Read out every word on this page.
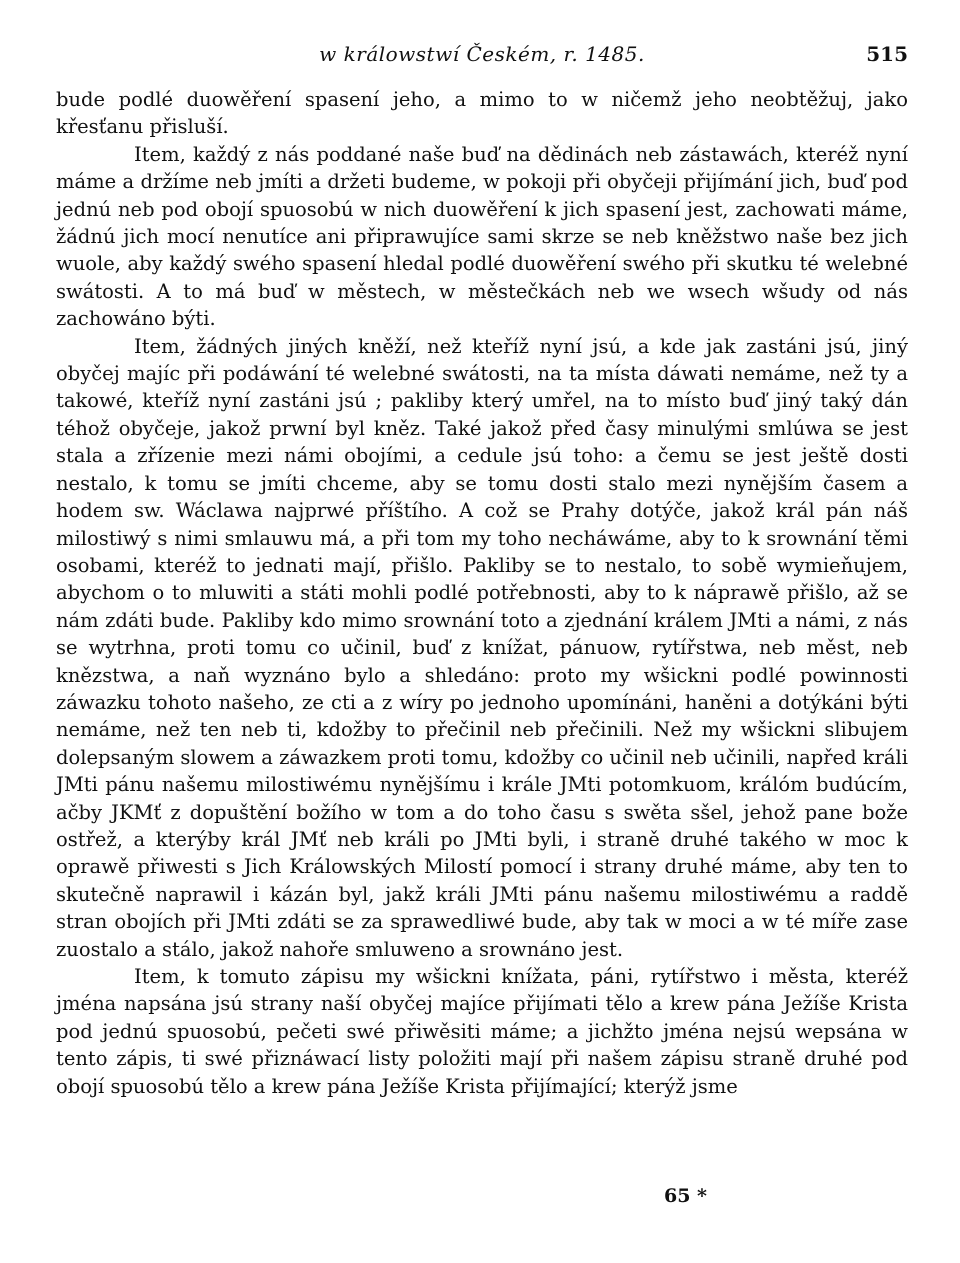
w králowstwí Českém, r. 1485.	515

bude podlé duowěření spasení jeho, a mimo to w ničemž jeho neobtěžuj, jako křesťanu přisluší.

Item, každý z nás poddané naše buď na dědinách neb zástawách, kteréž nyní máme a držíme neb jmíti a držeti budeme, w pokoji při obyčeji přijímání jich, buď pod jednú neb pod obojí spuosobú w nich duowěření k jich spasení jest, zachowati máme, žádnú jich mocí nenutíce ani připrawujíce sami skrze se neb kněžstwo naše bez jich wuole, aby každý swého spasení hledal podlé duowěření swého při skutku té welebné swátosti. A to má buď w městech, w městečkách neb we wsech wšudy od nás zachowáno býti.

Item, žádných jiných kněží, než kteříž nyní jsú, a kde jak zastáni jsú, jiný obyčej majíc při podáwání té welebné swátosti, na ta místa dáwati nemáme, než ty a takowé, kteříž nyní zastáni jsú ; pakliby který umřel, na to místo buď jiný taký dán téhož obyčeje, jakož prwní byl kněz. Také jakož před časy minulými smlúwa se jest stala a zřízenie mezi námi obojími, a cedule jsú toho: a čemu se jest ještě dosti nestalo, k tomu se jmíti chceme, aby se tomu dosti stalo mezi nynějším časem a hodem sw. Wáclawa najprwé příštího. A což se Prahy dotýče, jakož král pán náš milostiwý s nimi smlauwu má, a při tom my toho necháwáme, aby to k srownání těmi osobami, kteréž to jednati mají, přišlo. Pakliby se to nestalo, to sobě wymieňujem, abychom o to mluwiti a státi mohli podlé potřebnosti, aby to k náprawě přišlo, až se nám zdáti bude. Pakliby kdo mimo srownání toto a zjednání králem JMti a námi, z nás se wytrhna, proti tomu co učinil, buď z knížat, pánuow, rytířstwa, neb měst, neb knězstwa, a naň wyznáno bylo a shledáno: proto my wšickni podlé powinnosti záwazku tohoto našeho, ze cti a z wíry po jednoho upomínáni, haněni a dotýkáni býti nemáme, než ten neb ti, kdožby to přečinil neb přečinili. Než my wšickni slibujem dolepsaným slowem a záwazkem proti tomu, kdožby co učinil neb učinili, napřed králi JMti pánu našemu milostiwému nynějšímu i krále JMti potomkuom, králóm budúcím, ačby JKMť z dopuštění božího w tom a do toho času s swěta sšel, jehož pane bože ostřež, a kterýby král JMť neb králi po JMti byli, i straně druhé takého w moc k oprawě přiwesti s Jich Králowských Milostí pomocí i strany druhé máme, aby ten to skutečně naprawil i kázán byl, jakž králi JMti pánu našemu milostiwému a raddě stran obojích při JMti zdáti se za sprawedliwé bude, aby tak w moci a w té míře zase zuostalo a stálo, jakož nahoře smluweno a srownáno jest.

Item, k tomuto zápisu my wšickni knížata, páni, rytířstwo i města, kteréž jména napsána jsú strany naší obyčej majíce přijímati tělo a krew pána Ježíše Krista pod jednú spuosobú, pečeti swé přiwěsiti máme; a jichžto jména nejsú wepsána w tento zápis, ti swé přiznáwací listy položiti mají při našem zápisu straně druhé pod obojí spuosobú tělo a krew pána Ježíše Krista přijímající; kterýž jsme

65 *
